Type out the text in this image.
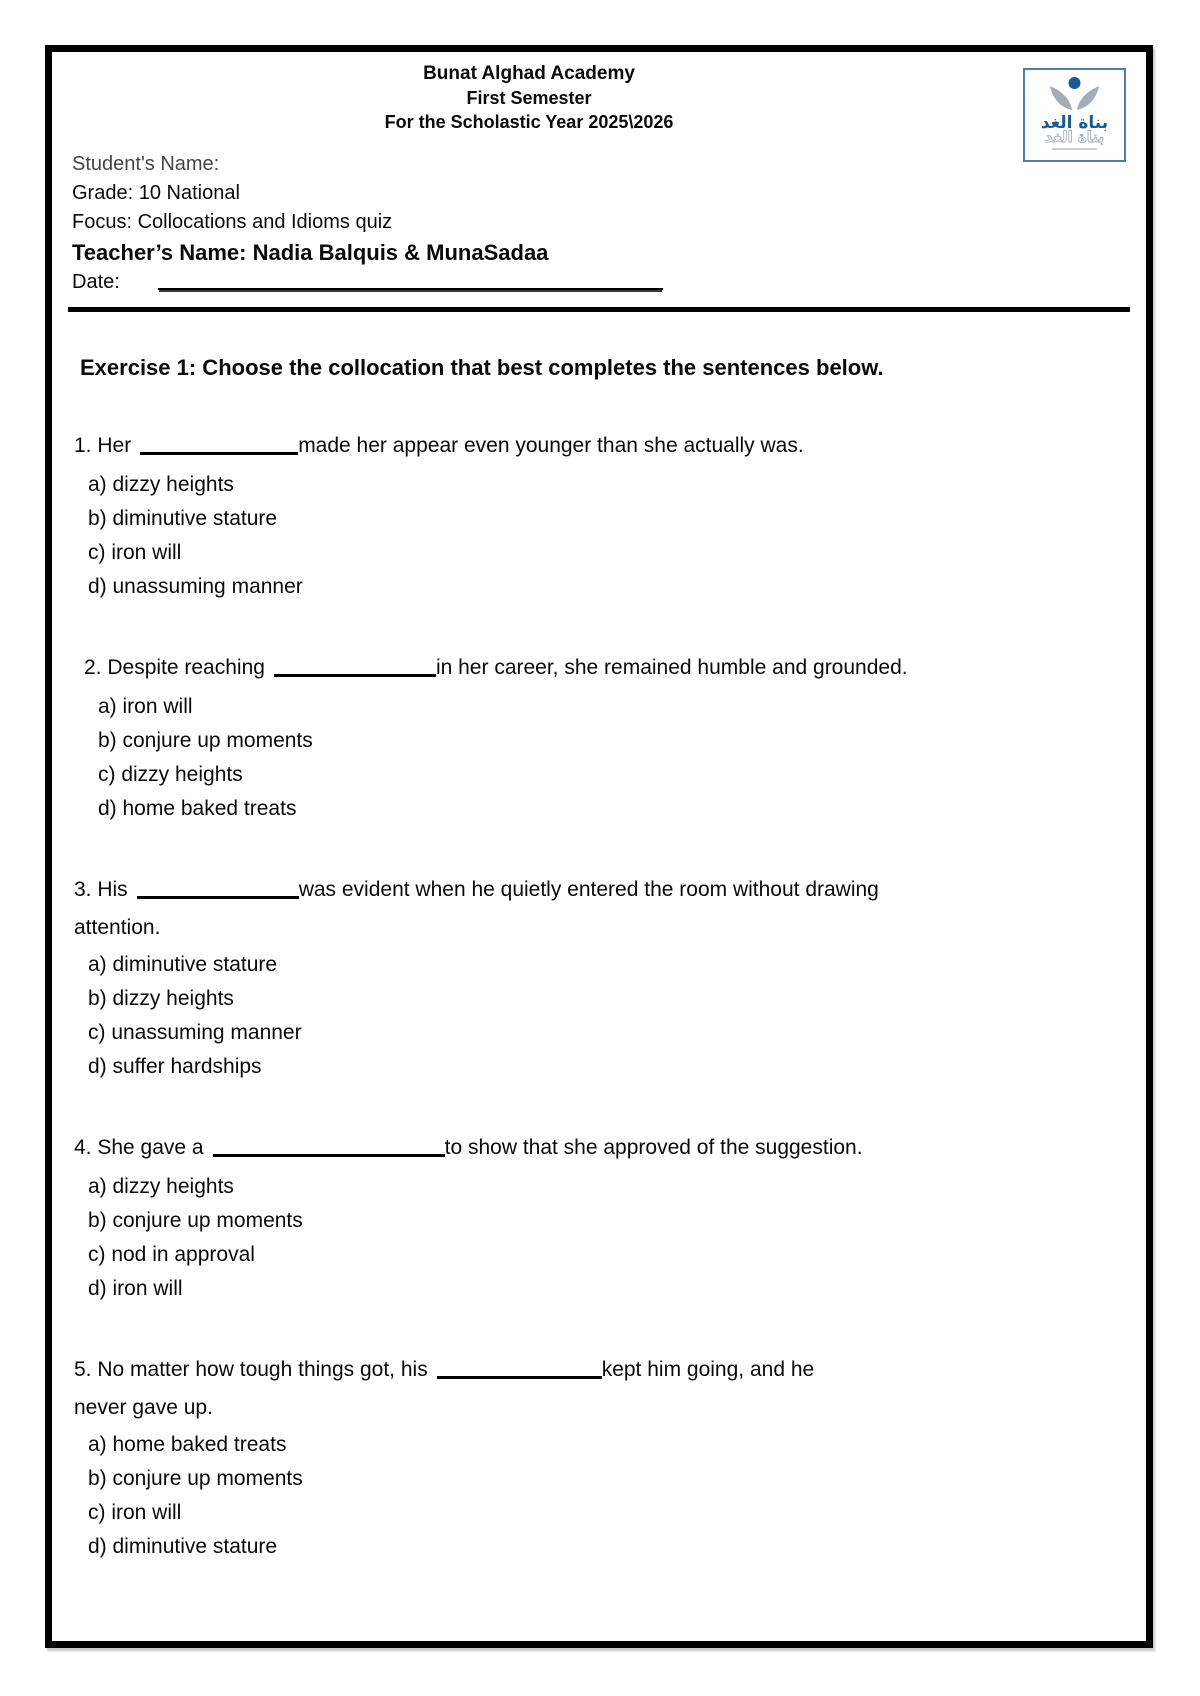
Bunat Alghad Academy
First Semester
For the Scholastic Year 2025\2026	بناة الغد
بناة الغد
Student's Name:
Grade: 10 National
Focus: Collocations and Idioms quiz
Teacher’s Name: Nadia Balquis & MunaSadaa
Date:
Exercise 1: Choose the collocation that best completes the sentences below.
1. Her	made her appear even younger than she actually was.
a) dizzy heights
b) diminutive stature
c) iron will
d) unassuming manner
2. Despite reaching	in her career, she remained humble and grounded.
a) iron will
b) conjure up moments
c) dizzy heights
d) home baked treats
3. His	was evident when he quietly entered the room without drawing
attention.
a) diminutive stature
b) dizzy heights
c) unassuming manner
d) suffer hardships
4. She gave a	to show that she approved of the suggestion.
a) dizzy heights
b) conjure up moments
c) nod in approval
d) iron will
5. No matter how tough things got, his	kept him going, and he
never gave up.
a) home baked treats
b) conjure up moments
c) iron will
d) diminutive stature
